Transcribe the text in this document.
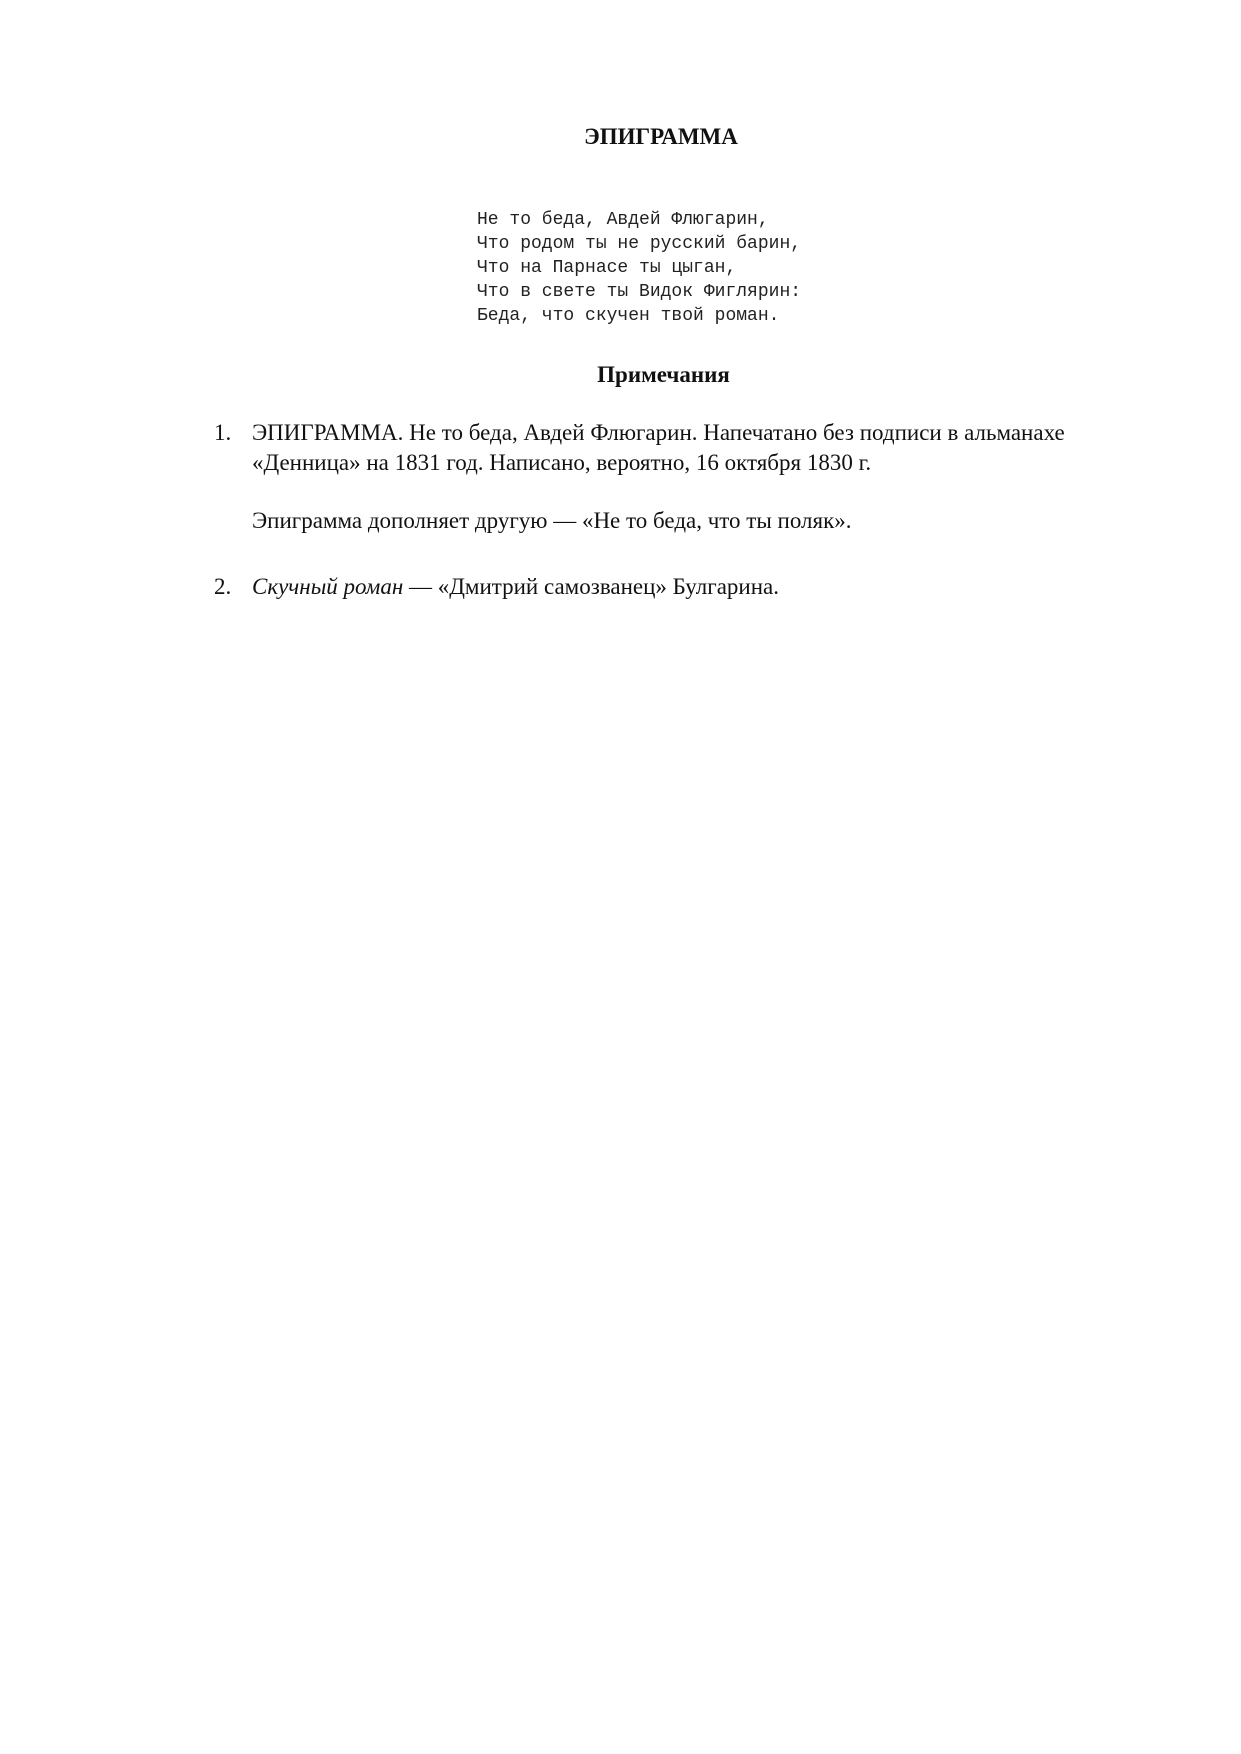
ЭПИГРАММА
Не то беда, Авдей Флюгарин,
Что родом ты не русский барин,
Что на Парнасе ты цыган,
Что в свете ты Видок Фиглярин:
Беда, что скучен твой роман.
Примечания
1. ЭПИГРАММА. Не то беда, Авдей Флюгарин. Напечатано без подписи в альманахе «Денница» на 1831 год. Написано, вероятно, 16 октября 1830 г.

Эпиграмма дополняет другую — «Не то беда, что ты поляк».

2. Скучный роман — «Дмитрий самозванец» Булгарина.
